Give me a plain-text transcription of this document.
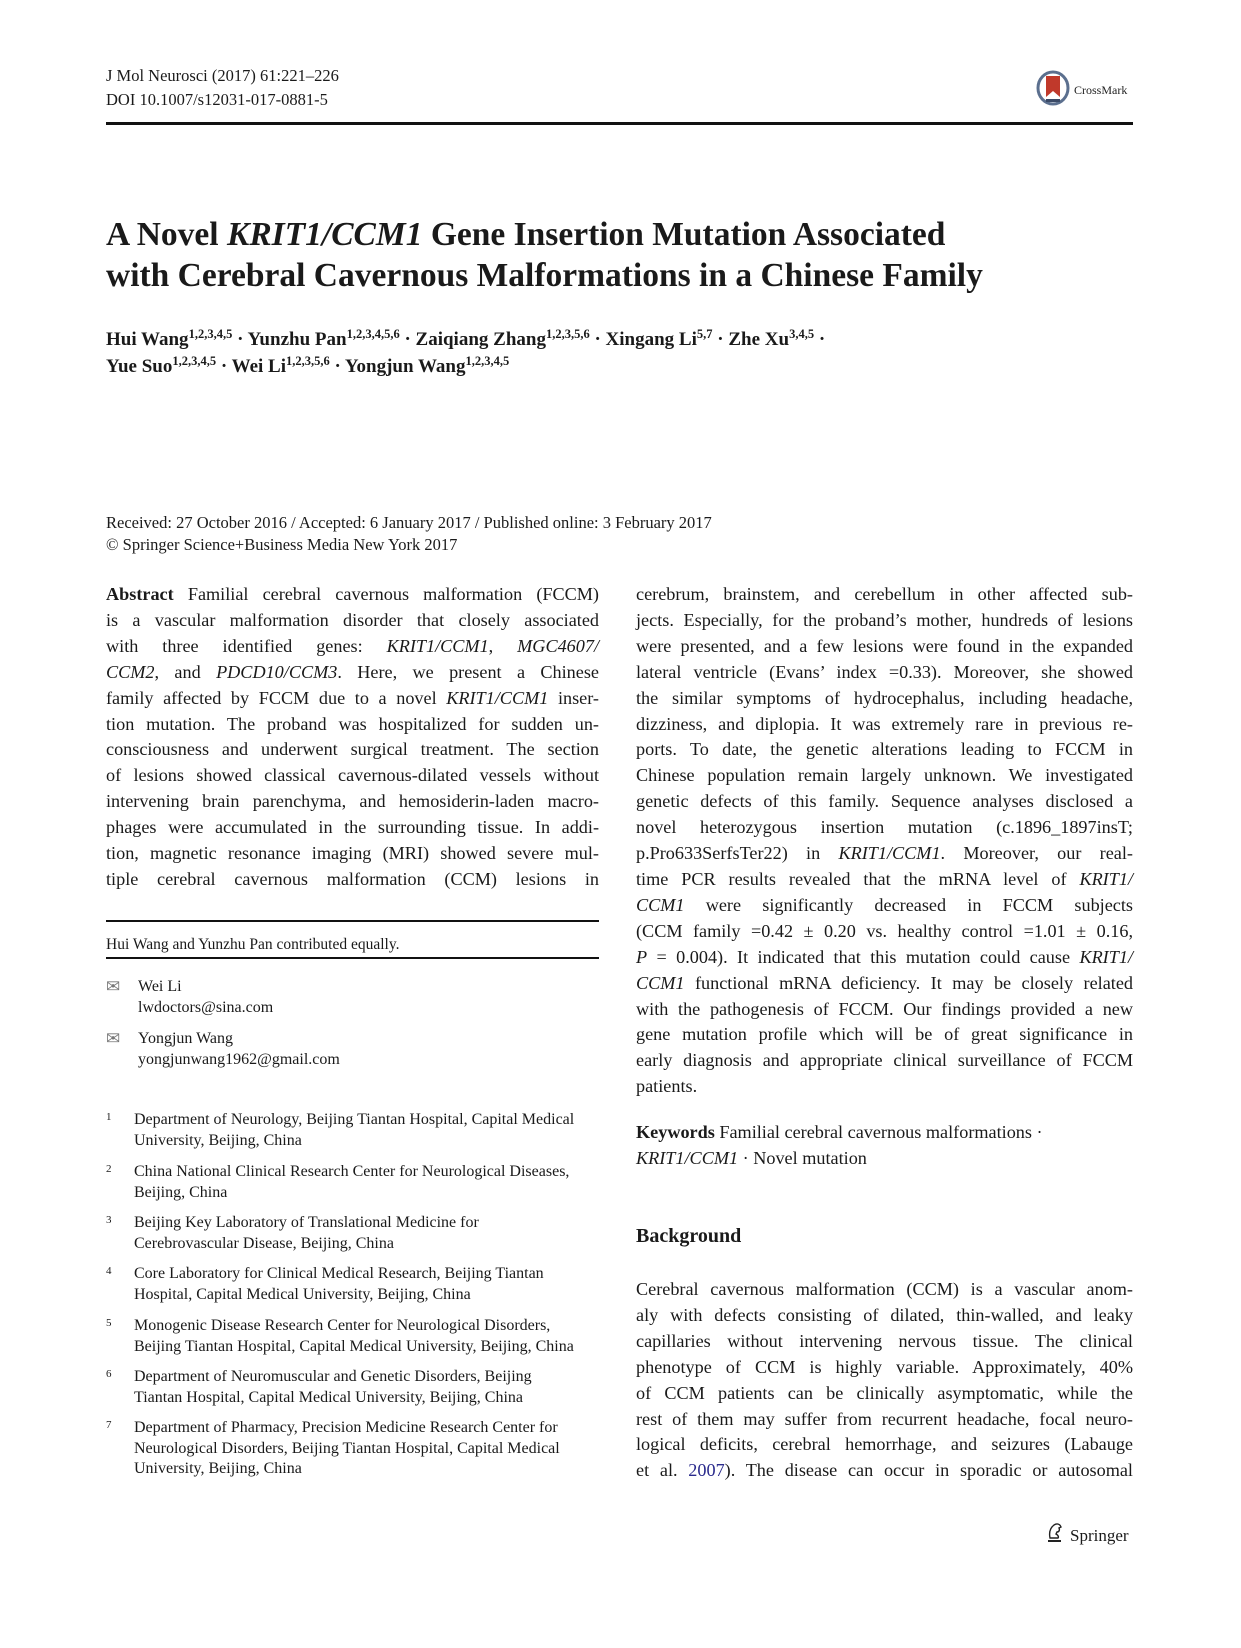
J Mol Neurosci (2017) 61:221–226
DOI 10.1007/s12031-017-0881-5	CrossMark
A Novel KRIT1/CCM1 Gene Insertion Mutation Associated
with Cerebral Cavernous Malformations in a Chinese Family
Hui Wang$^{1,2,3,4,5}$ · Yunzhu Pan$^{1,2,3,4,5,6}$ · Zaiqiang Zhang$^{1,2,3,5,6}$ · Xingang Li$^{5,7}$ · Zhe Xu$^{3,4,5}$ ·
Yue Suo$^{1,2,3,4,5}$ · Wei Li$^{1,2,3,5,6}$ · Yongjun Wang$^{1,2,3,4,5}$
Received: 27 October 2016 / Accepted: 6 January 2017 / Published online: 3 February 2017
© Springer Science+Business Media New York 2017
Abstract Familial cerebral cavernous malformation (FCCM)
is a vascular malformation disorder that closely associated
with three identified genes: KRIT1/CCM1, MGC4607/
CCM2, and PDCD10/CCM3. Here, we present a Chinese
family affected by FCCM due to a novel KRIT1/CCM1 inser-
tion mutation. The proband was hospitalized for sudden un-
consciousness and underwent surgical treatment. The section
of lesions showed classical cavernous-dilated vessels without
intervening brain parenchyma, and hemosiderin-laden macro-
phages were accumulated in the surrounding tissue. In addi-
tion, magnetic resonance imaging (MRI) showed severe mul-
tiple cerebral cavernous malformation (CCM) lesions in
Hui Wang and Yunzhu Pan contributed equally.
✉	Wei Li
lwdoctors@sina.com
✉	Yongjun Wang
yongjunwang1962@gmail.com
1	Department of Neurology, Beijing Tiantan Hospital, Capital Medical
University, Beijing, China
2	China National Clinical Research Center for Neurological Diseases,
Beijing, China
3	Beijing Key Laboratory of Translational Medicine for
Cerebrovascular Disease, Beijing, China
4	Core Laboratory for Clinical Medical Research, Beijing Tiantan
Hospital, Capital Medical University, Beijing, China
5	Monogenic Disease Research Center for Neurological Disorders,
Beijing Tiantan Hospital, Capital Medical University, Beijing, China
6	Department of Neuromuscular and Genetic Disorders, Beijing
Tiantan Hospital, Capital Medical University, Beijing, China
7	Department of Pharmacy, Precision Medicine Research Center for
Neurological Disorders, Beijing Tiantan Hospital, Capital Medical
University, Beijing, China
cerebrum, brainstem, and cerebellum in other affected sub-
jects. Especially, for the proband’s mother, hundreds of lesions
were presented, and a few lesions were found in the expanded
lateral ventricle (Evans’ index =0.33). Moreover, she showed
the similar symptoms of hydrocephalus, including headache,
dizziness, and diplopia. It was extremely rare in previous re-
ports. To date, the genetic alterations leading to FCCM in
Chinese population remain largely unknown. We investigated
genetic defects of this family. Sequence analyses disclosed a
novel heterozygous insertion mutation (c.1896_1897insT;
p.Pro633SerfsTer22) in KRIT1/CCM1. Moreover, our real-
time PCR results revealed that the mRNA level of KRIT1/
CCM1 were significantly decreased in FCCM subjects
(CCM family =0.42 ± 0.20 vs. healthy control =1.01 ± 0.16,
P = 0.004). It indicated that this mutation could cause KRIT1/
CCM1 functional mRNA deficiency. It may be closely related
with the pathogenesis of FCCM. Our findings provided a new
gene mutation profile which will be of great significance in
early diagnosis and appropriate clinical surveillance of FCCM
patients.
Keywords Familial cerebral cavernous malformations ·
KRIT1/CCM1 · Novel mutation
Background
Cerebral cavernous malformation (CCM) is a vascular anom-
aly with defects consisting of dilated, thin-walled, and leaky
capillaries without intervening nervous tissue. The clinical
phenotype of CCM is highly variable. Approximately, 40%
of CCM patients can be clinically asymptomatic, while the
rest of them may suffer from recurrent headache, focal neuro-
logical deficits, cerebral hemorrhage, and seizures (Labauge
et al. 2007). The disease can occur in sporadic or autosomal
Springer
